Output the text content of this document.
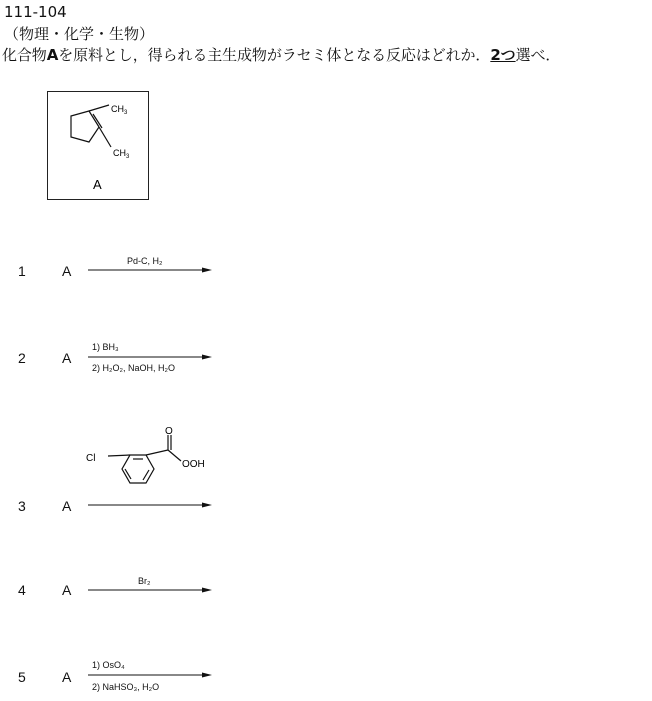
111-104
（物理・化学・生物）
化合物Aを原料とし，得られる主生成物がラセミ体となる反応はどれか．2つ選べ．
$CH_3$
$CH_3$
A
1	A
Pd-C, H₂
2	A
1) BH₃
2) H₂O₂, NaOH, H₂O
Cl
O
OOH
3	A
4	A
Br₂
5	A
1) OsO₄
2) NaHSO₃, H₂O
